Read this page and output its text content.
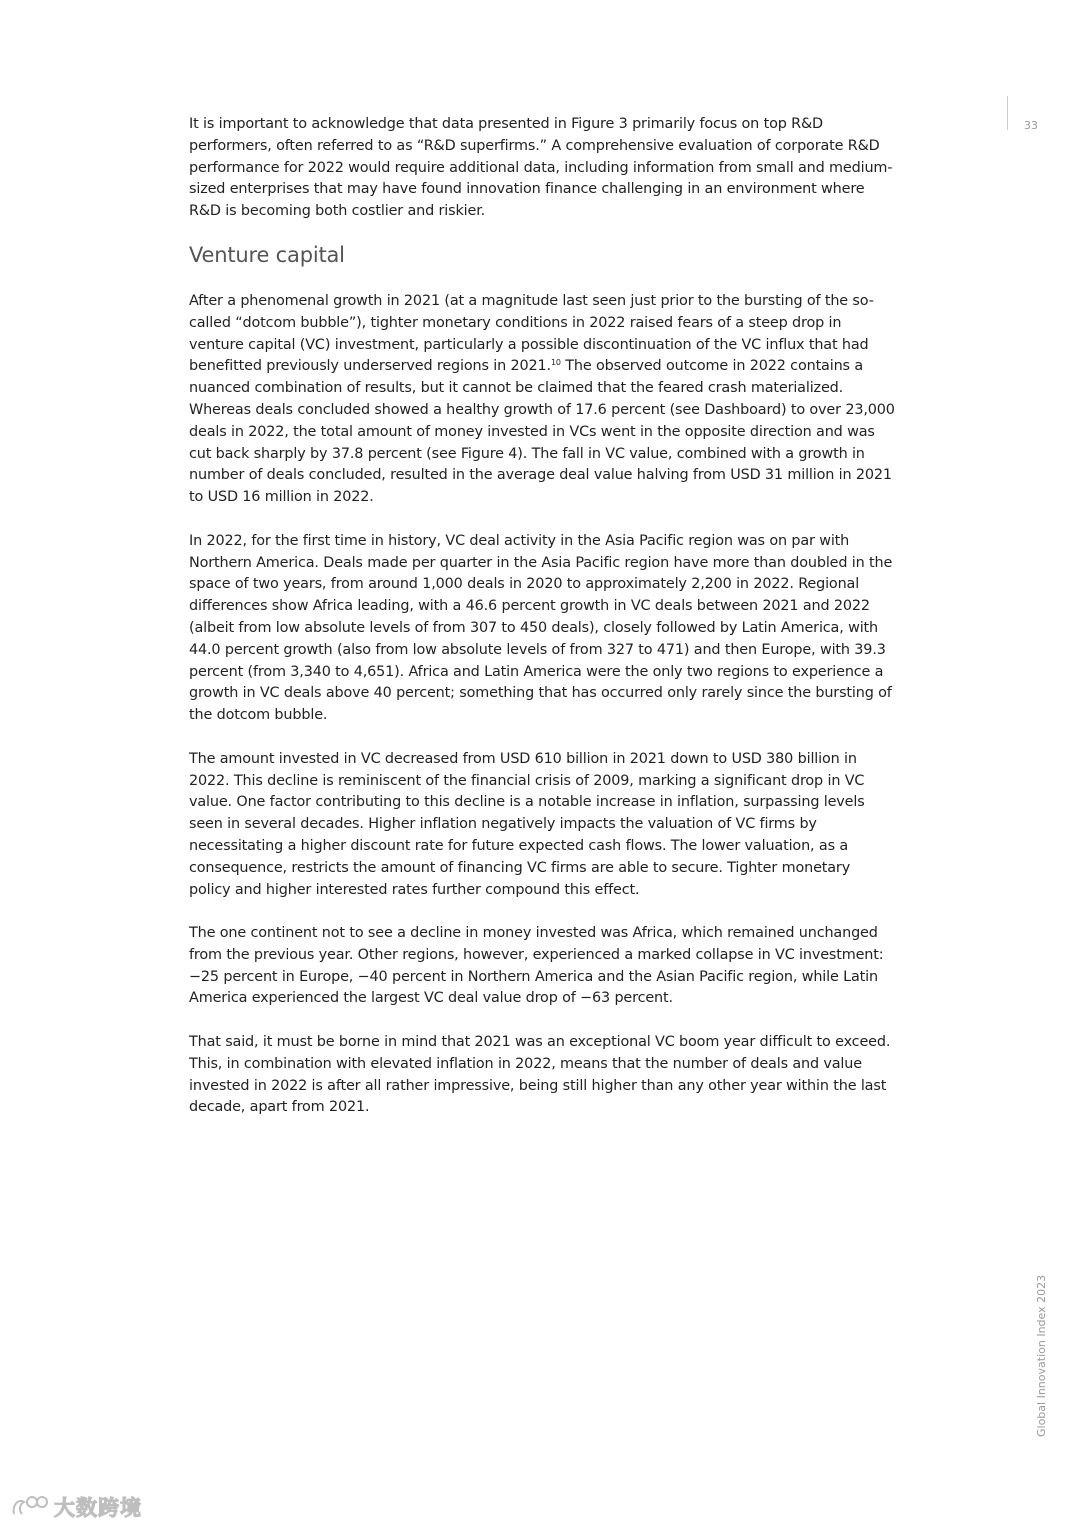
33

It is important to acknowledge that data presented in Figure 3 primarily focus on top R&D performers, often referred to as “R&D superfirms.” A comprehensive evaluation of corporate R&D performance for 2022 would require additional data, including information from small and medium-sized enterprises that may have found innovation finance challenging in an environment where R&D is becoming both costlier and riskier.

Venture capital

After a phenomenal growth in 2021 (at a magnitude last seen just prior to the bursting of the so-called “dotcom bubble”), tighter monetary conditions in 2022 raised fears of a steep drop in venture capital (VC) investment, particularly a possible discontinuation of the VC influx that had benefitted previously underserved regions in 2021.10 The observed outcome in 2022 contains a nuanced combination of results, but it cannot be claimed that the feared crash materialized. Whereas deals concluded showed a healthy growth of 17.6 percent (see Dashboard) to over 23,000 deals in 2022, the total amount of money invested in VCs went in the opposite direction and was cut back sharply by 37.8 percent (see Figure 4). The fall in VC value, combined with a growth in number of deals concluded, resulted in the average deal value halving from USD 31 million in 2021 to USD 16 million in 2022.

In 2022, for the first time in history, VC deal activity in the Asia Pacific region was on par with Northern America. Deals made per quarter in the Asia Pacific region have more than doubled in the space of two years, from around 1,000 deals in 2020 to approximately 2,200 in 2022. Regional differences show Africa leading, with a 46.6 percent growth in VC deals between 2021 and 2022 (albeit from low absolute levels of from 307 to 450 deals), closely followed by Latin America, with 44.0 percent growth (also from low absolute levels of from 327 to 471) and then Europe, with 39.3 percent (from 3,340 to 4,651). Africa and Latin America were the only two regions to experience a growth in VC deals above 40 percent; something that has occurred only rarely since the bursting of the dotcom bubble.

The amount invested in VC decreased from USD 610 billion in 2021 down to USD 380 billion in 2022. This decline is reminiscent of the financial crisis of 2009, marking a significant drop in VC value. One factor contributing to this decline is a notable increase in inflation, surpassing levels seen in several decades. Higher inflation negatively impacts the valuation of VC firms by necessitating a higher discount rate for future expected cash flows. The lower valuation, as a consequence, restricts the amount of financing VC firms are able to secure. Tighter monetary policy and higher interested rates further compound this effect.

The one continent not to see a decline in money invested was Africa, which remained unchanged from the previous year. Other regions, however, experienced a marked collapse in VC investment: −25 percent in Europe, −40 percent in Northern America and the Asian Pacific region, while Latin America experienced the largest VC deal value drop of −63 percent.

That said, it must be borne in mind that 2021 was an exceptional VC boom year difficult to exceed. This, in combination with elevated inflation in 2022, means that the number of deals and value invested in 2022 is after all rather impressive, being still higher than any other year within the last decade, apart from 2021.

Global Innovation Index 2023
大数跨境
